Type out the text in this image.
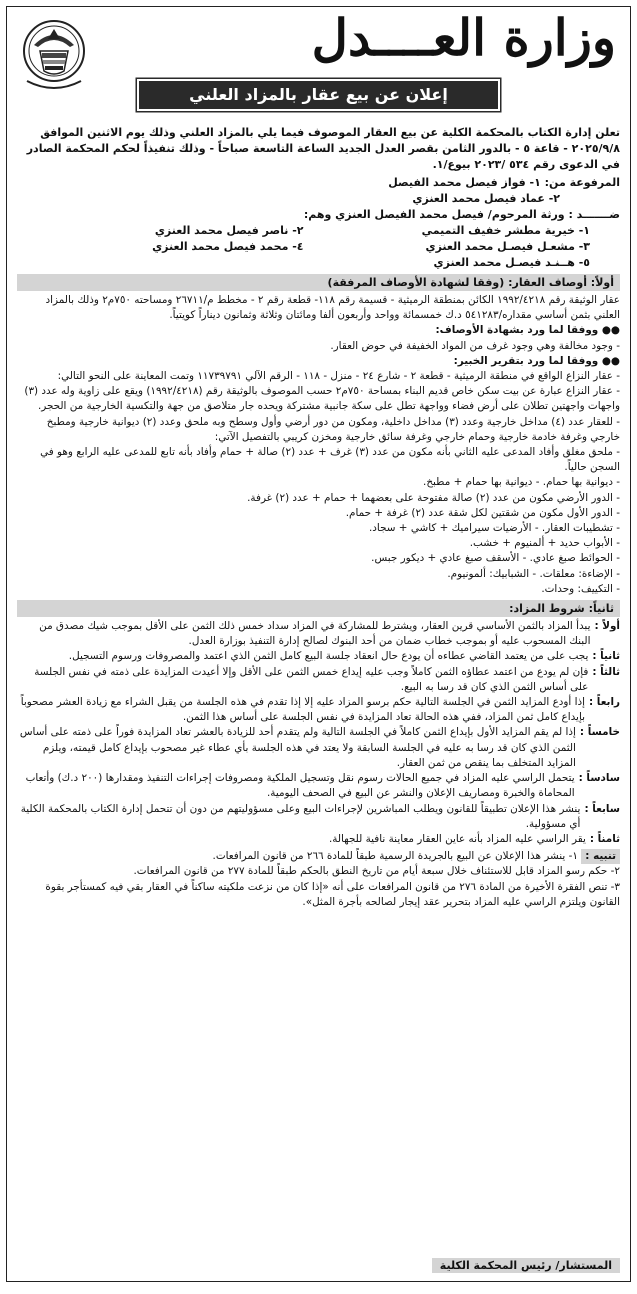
وزارة العــــدل
إعلان عن بيع عقار بالمزاد العلني

تعلن إدارة الكتاب بالمحكمة الكلية عن بيع العقار الموصوف فيما يلي بالمزاد العلني وذلك يوم الاثنين الموافق ٢٠٢٥/٩/٨ - قاعة ٥ - بالدور الثامن بقصر العدل الجديد الساعة التاسعة صباحاً - وذلك تنفيذاً لحكم المحكمة الصادر في الدعوى رقم ٥٣٤ /٢٠٢٣ بيوع/١.

المرفوعة من: ١- فواز فيصل محمد الفيصل

٢- عماد فيصل محمد العنزي

ضـــــــد : ورثة المرحوم/ فيصل محمد الفيصل العنزي وهم:

١- خيرية مطشر خفيف التميمي
٢- ناصر فيصل محمد العنزي
٣- مشعـل فيصـل محمد العنزي
٤- محمد فيصل محمد العنزي
٥- هــنـد فيصـل محمد العنزي
أولاً: أوصاف العقار: (وفقا لشهادة الأوصاف المرفقة)

عقار الوثيقة رقم ١٩٩٢/٤٢١٨ الكائن بمنطقة الرميثية - قسيمة رقم ١١٨- قطعة رقم ٢ - مخطط م/٢٦٧١١ ومساحته ٧٥٠م٢ وذلك بالمزاد العلني بثمن أساسي مقداره/٥٤١٢٨٣ د.ك خمسمائة وواحد وأربعون ألفا ومائتان وثلاثة وثمانون ديناراً كويتياً.

●● ووفقا لما ورد بشهادة الأوصاف:

- وجود مخالفة وهي وجود غرف من المواد الخفيفة في حوض العقار.

●● ووفقا لما ورد بتقرير الخبير:

- عقار النزاع الواقع في منطقة الرميثية - قطعة ٢ - شارع ٢٤ - منزل - ١١٨ - الرقم الآلي ١١٧٣٩٧٩١ وتمت المعاينة على النحو التالي:

- عقار النزاع عبارة عن بيت سكن خاص قديم البناء بمساحة ٧٥٠م٢ حسب الموصوف بالوثيقة رقم (١٩٩٢/٤٢١٨) ويقع على زاوية وله عدد (٣) واجهات واجهتين تطلان على أرض فضاء وواجهة تطل على سكة جانبية مشتركة ويحده جار متلاصق من جهة والتكسية الخارجية من الحجر.

- للعقار عدد (٤) مداخل خارجية وعدد (٣) مداخل داخلية، ومكون من دور أرضي وأول وسطح وبه ملحق وعدد (٢) ديوانية خارجية ومطبخ خارجي وغرفة خادمة خارجية وحمام خارجي وغرفة سائق خارجية ومخزن كريبي بالتفصيل الآتي:

- ملحق مغلق وأفاد المدعى عليه الثاني بأنه مكون من عدد (٣) غرف + عدد (٢) صالة + حمام وأفاد بأنه تابع للمدعى عليه الرابع وهو في السجن حالياً.

- ديوانية بها حمام. - ديوانية بها حمام + مطبخ.

- الدور الأرضي مكون من عدد (٢) صالة مفتوحة على بعضهما + حمام + عدد (٢) غرفة.

- الدور الأول مكون من شقتين لكل شقة عدد (٢) غرفة + حمام.

- تشطيبات العقار. - الأرضيات سيراميك + كاشي + سجاد.

- الأبواب حديد + ألمنيوم + خشب.

- الحوائط صبغ عادي. - الأسقف صبغ عادي + ديكور جبس.

- الإضاءة: معلقات. - الشبابيك: ألمونيوم.

- التكييف: وحدات.

ثانياً: شروط المزاد:
أولاً :
يبدأ المزاد بالثمن الأساسي قرين العقار، ويشترط للمشاركة في المزاد سداد خمس ذلك الثمن على الأقل بموجب شيك مصدق من البنك المسحوب عليه أو بموجب خطاب ضمان من أحد البنوك لصالح إدارة التنفيذ بوزارة العدل.
ثانياً :
يجب على من يعتمد القاضي عطاءه أن يودع حال انعقاد جلسة البيع كامل الثمن الذي اعتمد والمصروفات ورسوم التسجيل.
ثالثاً :
فإن لم يودع من اعتمد عطاؤه الثمن كاملاً وجب عليه إيداع خمس الثمن على الأقل وإلا أعيدت المزايدة على ذمته في نفس الجلسة على أساس الثمن الذي كان قد رسا به البيع.
رابعاً :
إذا أودع المزايد الثمن في الجلسة التالية حكم برسو المزاد عليه إلا إذا تقدم في هذه الجلسة من يقبل الشراء مع زيادة العشر مصحوباً بإيداع كامل ثمن المزاد، ففي هذه الحالة تعاد المزايدة في نفس الجلسة على أساس هذا الثمن.
خامساً :
إذا لم يقم المزايد الأول بإيداع الثمن كاملاً في الجلسة التالية ولم يتقدم أحد للزيادة بالعشر تعاد المزايدة فوراً على ذمته على أساس الثمن الذي كان قد رسا به عليه في الجلسة السابقة ولا يعتد في هذه الجلسة بأي عطاء غير مصحوب بإيداع كامل قيمته، ويلزم المزايد المتخلف بما ينقص من ثمن العقار.
سادساً :
يتحمل الراسي عليه المزاد في جميع الحالات رسوم نقل وتسجيل الملكية ومصروفات إجراءات التنفيذ ومقدارها (٢٠٠ د.ك) وأتعاب المحاماة والخبرة ومصاريف الإعلان والنشر عن البيع في الصحف اليومية.
سابعاً :
ينشر هذا الإعلان تطبيقاً للقانون ويطلب المباشرين لإجراءات البيع وعلى مسؤوليتهم من دون أن تتحمل إدارة الكتاب بالمحكمة الكلية أي مسؤولية.
ثامناً :
يقر الراسي عليه المزاد بأنه عاين العقار معاينة نافية للجهالة.

تنبيه : ١- ينشر هذا الإعلان عن البيع بالجريدة الرسمية طبقاً للمادة ٢٦٦ من قانون المرافعات.

٢- حكم رسو المزاد قابل للاستئناف خلال سبعة أيام من تاريخ النطق بالحكم طبقاً للمادة ٢٧٧ من قانون المرافعات.

٣- تنص الفقرة الأخيرة من المادة ٢٧٦ من قانون المرافعات على أنه «إذا كان من نزعت ملكيته ساكناً في العقار بقي فيه كمستأجر بقوة القانون ويلتزم الراسي عليه المزاد بتحرير عقد إيجار لصالحه بأجرة المثل».

المستشار/ رئيس المحكمة الكلية
